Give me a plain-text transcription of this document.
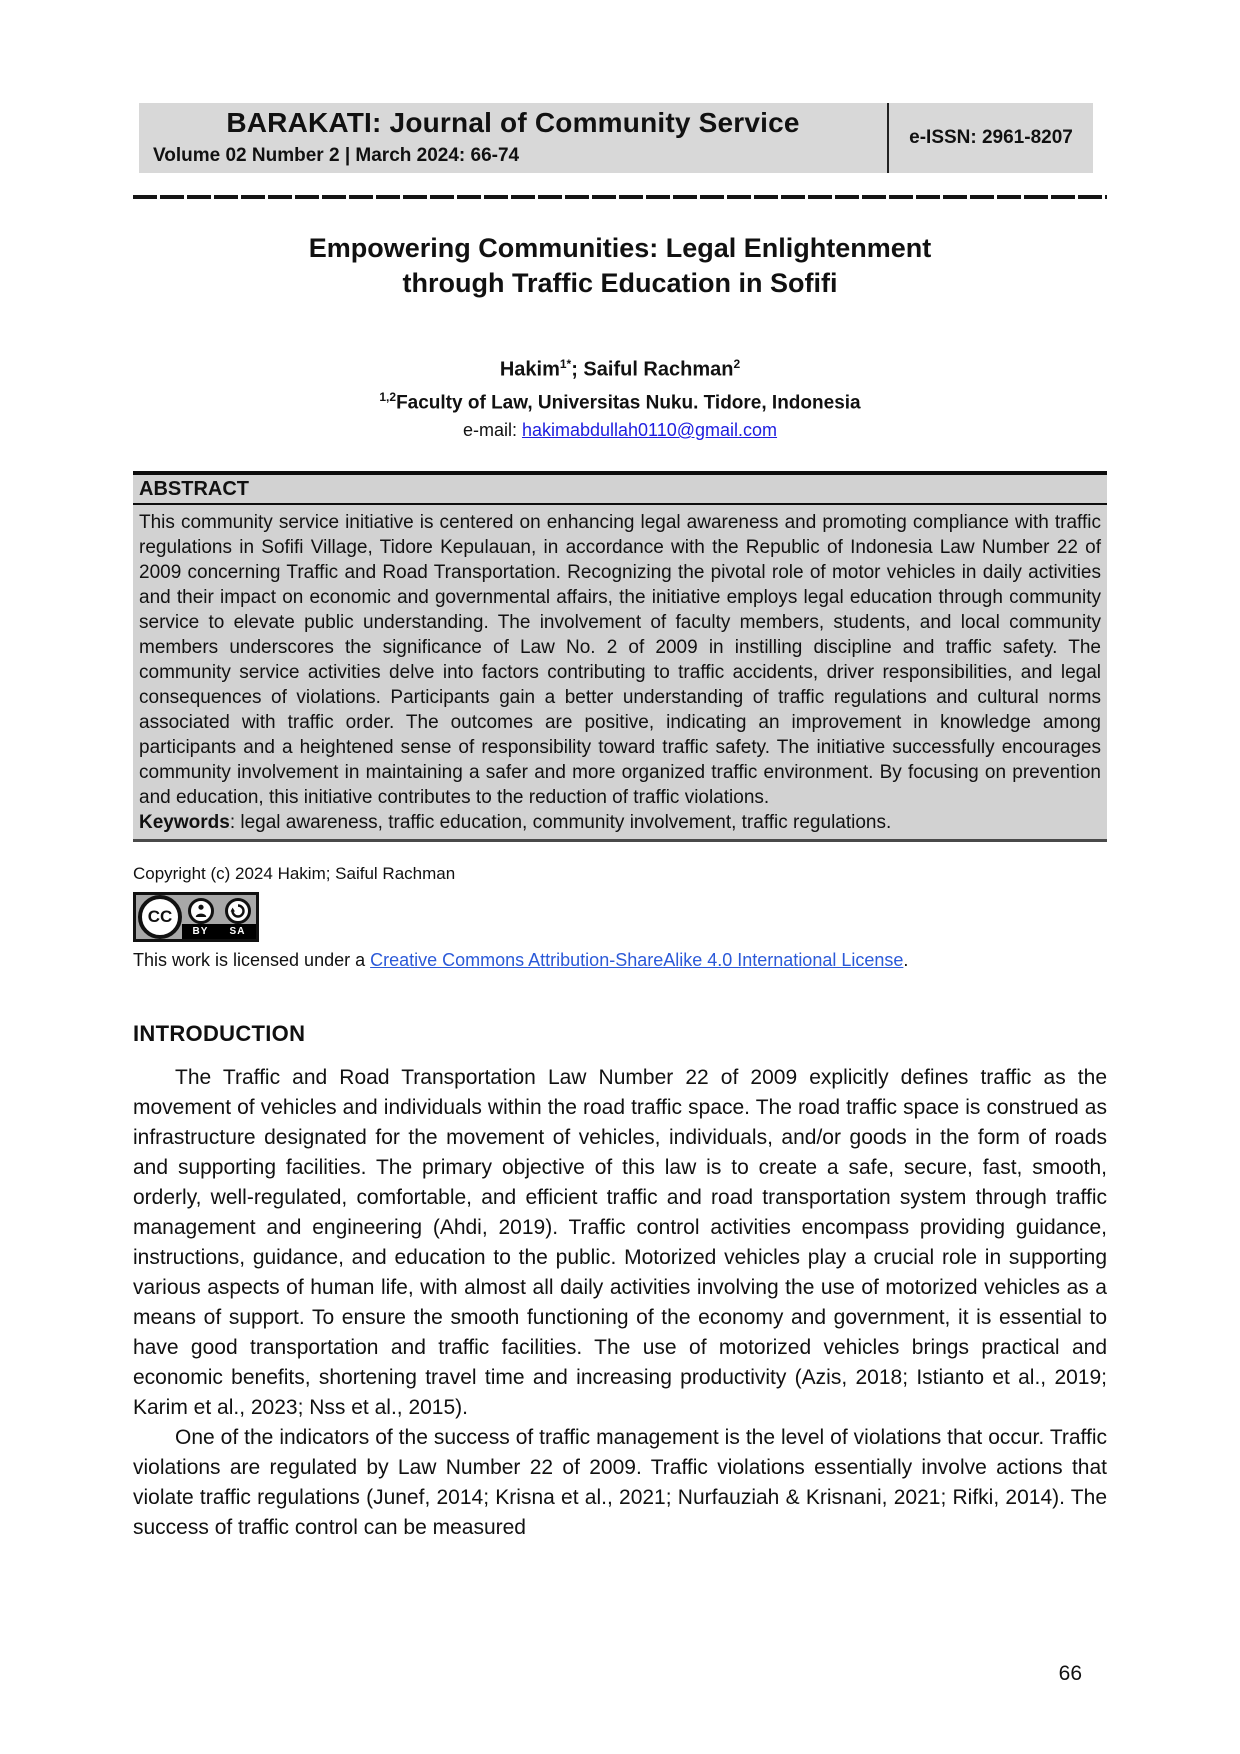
BARAKATI: Journal of Community Service
Volume 02 Number 2 | March 2024: 66-74
e-ISSN: 2961-8207
Empowering Communities: Legal Enlightenment
through Traffic Education in Sofifi
Hakim$^{1*}$; Saiful Rachman$^2$
$^{1,2}$Faculty of Law, Universitas Nuku. Tidore, Indonesia
e-mail: hakimabdullah0110@gmail.com
ABSTRACT
This community service initiative is centered on enhancing legal awareness and promoting compliance with traffic regulations in Sofifi Village, Tidore Kepulauan, in accordance with the Republic of Indonesia Law Number 22 of 2009 concerning Traffic and Road Transportation. Recognizing the pivotal role of motor vehicles in daily activities and their impact on economic and governmental affairs, the initiative employs legal education through community service to elevate public understanding. The involvement of faculty members, students, and local community members underscores the significance of Law No. 2 of 2009 in instilling discipline and traffic safety. The community service activities delve into factors contributing to traffic accidents, driver responsibilities, and legal consequences of violations. Participants gain a better understanding of traffic regulations and cultural norms associated with traffic order. The outcomes are positive, indicating an improvement in knowledge among participants and a heightened sense of responsibility toward traffic safety. The initiative successfully encourages community involvement in maintaining a safer and more organized traffic environment. By focusing on prevention and education, this initiative contributes to the reduction of traffic violations.
Keywords: legal awareness, traffic education, community involvement, traffic regulations.
Copyright (c) 2024 Hakim; Saiful Rachman
CC
BY SA
This work is licensed under a Creative Commons Attribution-ShareAlike 4.0 International License.
INTRODUCTION

The Traffic and Road Transportation Law Number 22 of 2009 explicitly defines traffic as the movement of vehicles and individuals within the road traffic space. The road traffic space is construed as infrastructure designated for the movement of vehicles, individuals, and/or goods in the form of roads and supporting facilities. The primary objective of this law is to create a safe, secure, fast, smooth, orderly, well-regulated, comfortable, and efficient traffic and road transportation system through traffic management and engineering (Ahdi, 2019). Traffic control activities encompass providing guidance, instructions, guidance, and education to the public. Motorized vehicles play a crucial role in supporting various aspects of human life, with almost all daily activities involving the use of motorized vehicles as a means of support. To ensure the smooth functioning of the economy and government, it is essential to have good transportation and traffic facilities. The use of motorized vehicles brings practical and economic benefits, shortening travel time and increasing productivity (Azis, 2018; Istianto et al., 2019; Karim et al., 2023; Nss et al., 2015).

One of the indicators of the success of traffic management is the level of violations that occur. Traffic violations are regulated by Law Number 22 of 2009. Traffic violations essentially involve actions that violate traffic regulations (Junef, 2014; Krisna et al., 2021; Nurfauziah & Krisnani, 2021; Rifki, 2014). The success of traffic control can be measured

66
